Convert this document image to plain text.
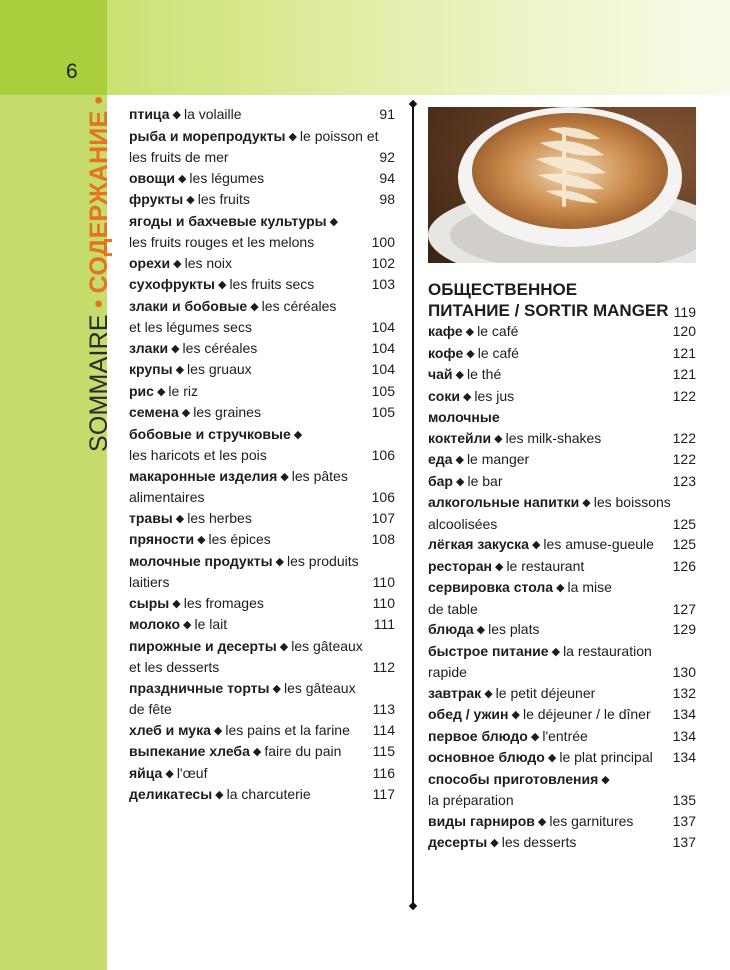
6
SOMMAIRE•СОДЕРЖАНИЕ•
птица ◆ la volaille	91
рыба и морепродукты ◆ le poisson et
les fruits de mer	92
овощи ◆ les légumes	94
фрукты ◆ les fruits	98
ягоды и бахчевые культуры ◆
les fruits rouges et les melons	100
орехи ◆ les noix	102
сухофрукты ◆ les fruits secs	103
злаки и бобовые ◆ les céréales
et les légumes secs	104
злаки ◆ les céréales	104
крупы ◆ les gruaux	104
рис ◆ le riz	105
семена ◆ les graines	105
бобовые и стручковые ◆
les haricots et les pois	106
макаронные изделия ◆ les pâtes
alimentaires	106
травы ◆ les herbes	107
пряности ◆ les épices	108
молочные продукты ◆ les produits
laitiers	110
сыры ◆ les fromages	110
молоко ◆ le lait	111
пирожные и десерты ◆ les gâteaux
et les desserts	112
праздничные торты ◆ les gâteaux
de fête	113
хлеб и мука ◆ les pains et la farine 114
выпекание хлеба ◆ faire du pain 115
яйца ◆ l'œuf	116
деликатесы ◆ la charcuterie	117
ОБЩЕСТВЕННОЕ
ПИТАНИЕ / SORTIR MANGER 119
кафе ◆ le café	120
кофе ◆ le café	121
чай ◆ le thé	121
соки ◆ les jus	122
молочные
коктейли ◆ les milk-shakes	122
еда ◆ le manger	122
бар ◆ le bar	123
алкогольные напитки ◆ les boissons
alcoolisées	125
лёгкая закуска ◆ les amuse-gueule 125
ресторан ◆ le restaurant	126
сервировка стола ◆ la mise
de table	127
блюда ◆ les plats	129
быстрое питание ◆ la restauration
rapide	130
завтрак ◆ le petit déjeuner	132
обед / ужин ◆ le déjeuner / le dîner 134
первое блюдо ◆ l'entrée	134
основное блюдо ◆ le plat principal 134
способы приготовления ◆
la préparation	135
виды гарниров ◆ les garnitures	137
десерты ◆ les desserts	137
